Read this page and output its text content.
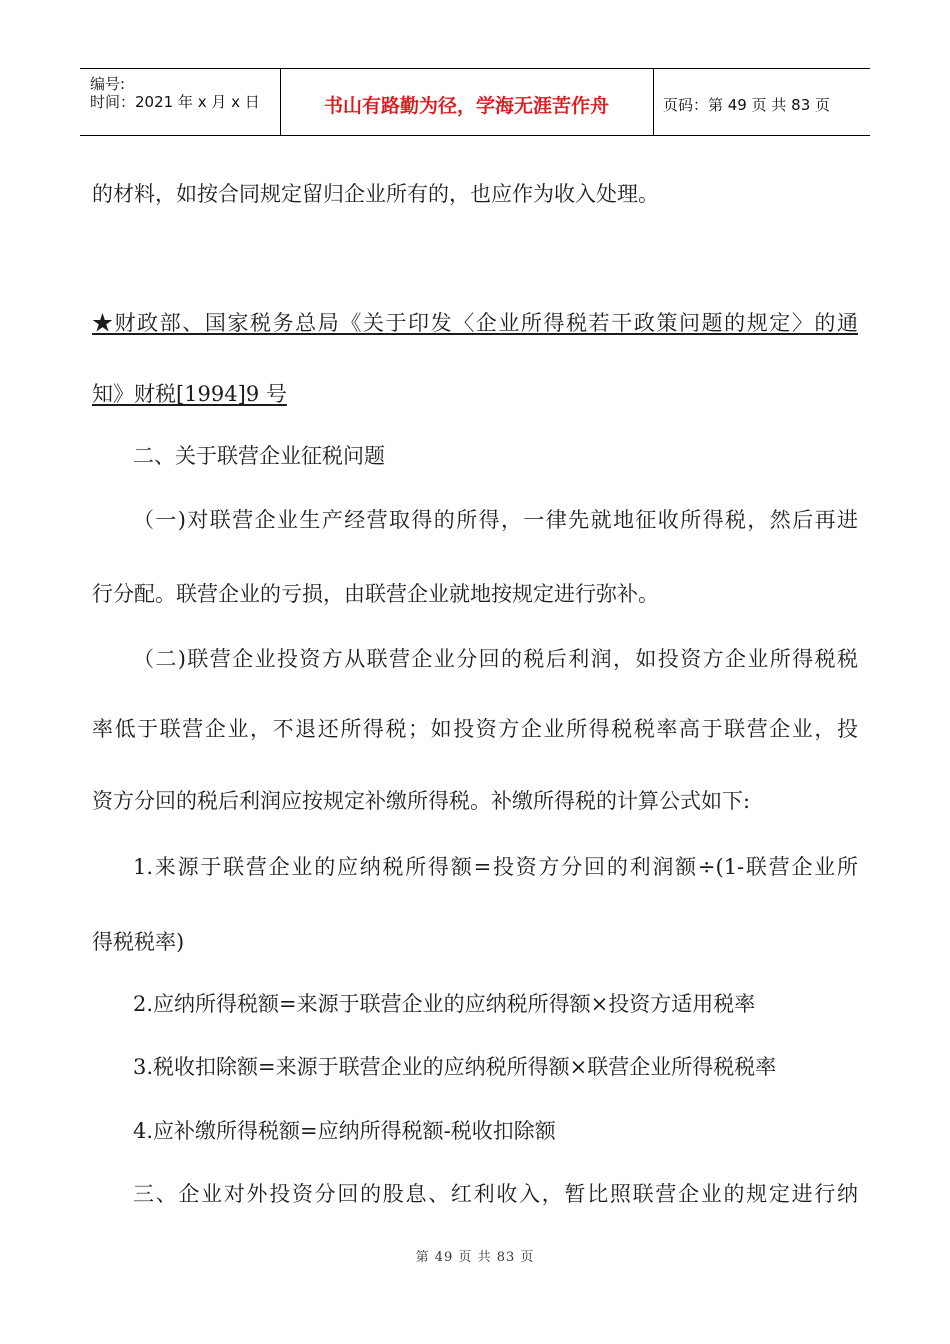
编号:
时间：2021 年 x 月 x 日	书山有路勤为径，学海无涯苦作舟	页码：第 49 页 共 83 页
的材料，如按合同规定留归企业所有的，也应作为收入处理。
★财政部、国家税务总局《关于印发〈企业所得税若干政策问题的规定〉的通
知》财税[1994]9 号
二、关于联营企业征税问题
（一)对联营企业生产经营取得的所得，一律先就地征收所得税，然后再进
行分配。联营企业的亏损，由联营企业就地按规定进行弥补。
（二)联营企业投资方从联营企业分回的税后利润，如投资方企业所得税税
率低于联营企业，不退还所得税；如投资方企业所得税税率高于联营企业，投
资方分回的税后利润应按规定补缴所得税。补缴所得税的计算公式如下:
1.来源于联营企业的应纳税所得额=投资方分回的利润额÷(1-联营企业所
得税税率)
2.应纳所得税额=来源于联营企业的应纳税所得额×投资方适用税率
3.税收扣除额=来源于联营企业的应纳税所得额×联营企业所得税税率
4.应补缴所得税额=应纳所得税额-税收扣除额
三、企业对外投资分回的股息、红利收入，暂比照联营企业的规定进行纳
第 49 页 共 83 页
